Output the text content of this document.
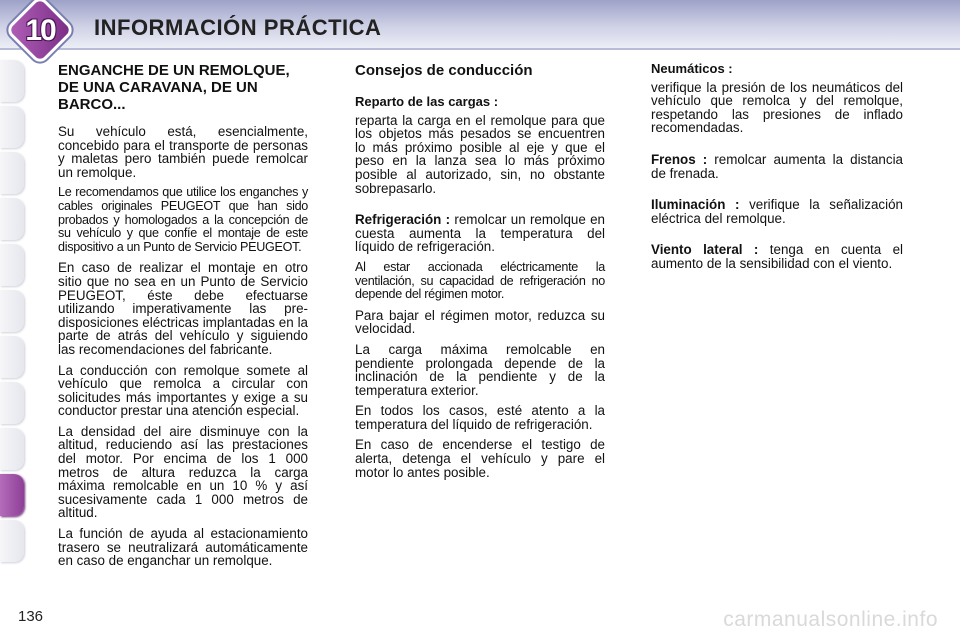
10	INFORMACIÓN PRÁCTICA
ENGANCHE DE UN REMOLQUE, DE UNA CARAVANA, DE UN BARCO...

Su vehículo está, esencialmente, concebido para el transporte de personas y maletas pero también puede remolcar un remolque.

Le recomendamos que utilice los enganches y cables originales PEUGEOT que han sido probados y homologados a la concepción de su vehículo y que confíe el montaje de este dispositivo a un Punto de Servicio PEUGEOT.

En caso de realizar el montaje en otro sitio que no sea en un Punto de Servicio PEUGEOT, éste debe efectuarse utilizando imperativamente las pre-disposiciones eléctricas implantadas en la parte de atrás del vehículo y siguiendo las recomendaciones del fabricante.

La conducción con remolque somete al vehículo que remolca a circular con solicitudes más importantes y exige a su conductor prestar una atención especial.

La densidad del aire disminuye con la altitud, reduciendo así las prestaciones del motor. Por encima de los 1 000 metros de altura reduzca la carga máxima remolcable en un 10 % y así sucesivamente cada 1 000 metros de altitud.

La función de ayuda al estacionamiento trasero se neutralizará automáticamente en caso de enganchar un remolque.

Consejos de conducción
Reparto de las cargas :

reparta la carga en el remolque para que los objetos más pesados se encuentren lo más próximo posible al eje y que el peso en la lanza sea lo más próximo posible al autorizado, sin, no obstante sobrepasarlo.

Refrigeración : remolcar un remolque en cuesta aumenta la temperatura del líquido de refrigeración.

Al estar accionada eléctricamente la ventilación, su capacidad de refrigeración no depende del régimen motor.

Para bajar el régimen motor, reduzca su velocidad.

La carga máxima remolcable en pendiente prolongada depende de la inclinación de la pendiente y de la temperatura exterior.

En todos los casos, esté atento a la temperatura del líquido de refrigeración.

En caso de encenderse el testigo de alerta, detenga el vehículo y pare el motor lo antes posible.

Neumáticos :

verifique la presión de los neumáticos del vehículo que remolca y del remolque, respetando las presiones de inflado recomendadas.

Frenos : remolcar aumenta la distancia de frenada.

Iluminación : verifique la señalización eléctrica del remolque.

Viento lateral : tenga en cuenta el aumento de la sensibilidad con el viento.

136	carmanualsonline.info
